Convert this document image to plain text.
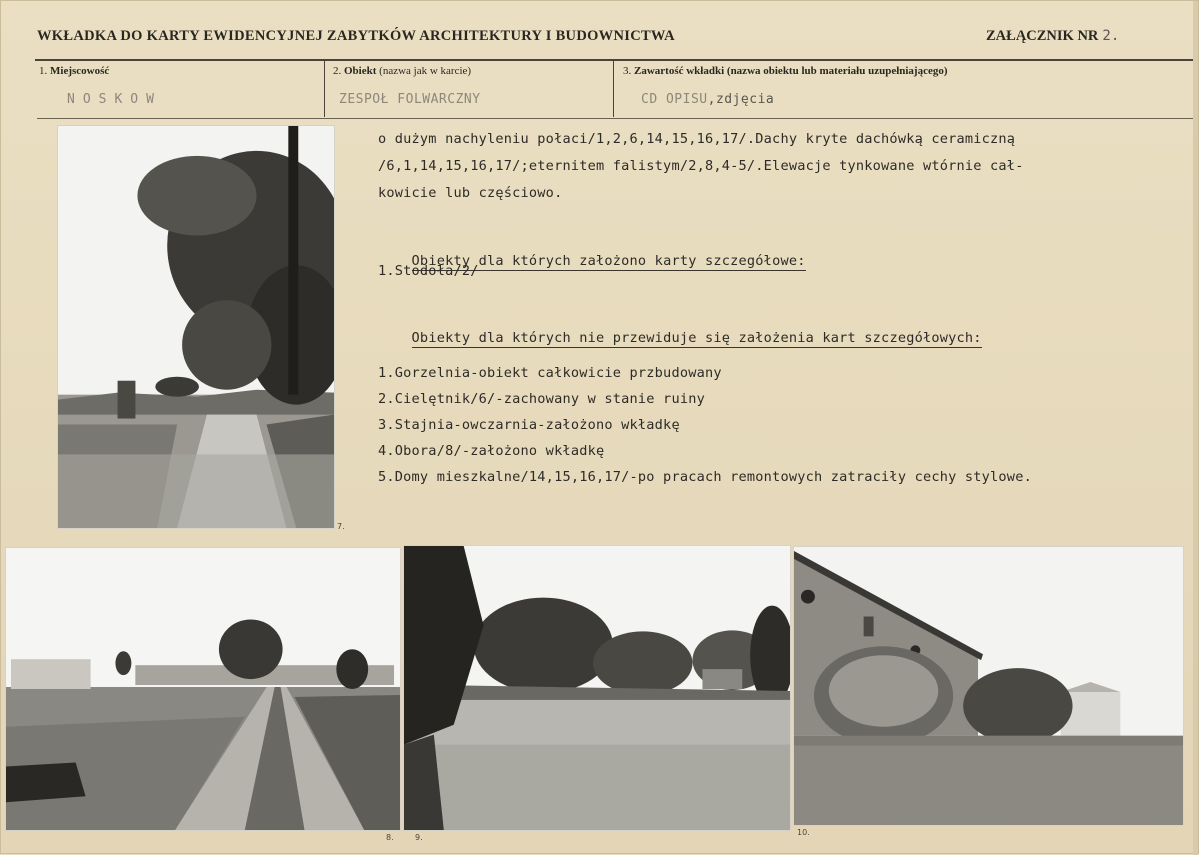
WKŁADKA DO KARTY EWIDENCYJNEJ ZABYTKÓW ARCHITEKTURY I BUDOWNICTWA	ZAŁĄCZNIK NR 2.
1. Miejscowość
NOSKOW
2. Obiekt (nazwa jak w karcie)
ZESPOŁ FOLWARCZNY
3. Zawartość wkładki (nazwa obiektu lub materiału uzupełniającego)
CD OPISU,zdjęcia
o dużym nachyleniu połaci/1,2,6,14,15,16,17/.Dachy kryte dachówką ceramiczną
/6,1,14,15,16,17/;eternitem falistym/2,8,4-5/.Elewacje tynkowane wtórnie cał-
kowicie lub częściowo.

Obiekty dla których założono karty szczegółowe:

1.Stodoła/2/

Obiekty dla których nie przewiduje się założenia kart szczegółowych:

1.Gorzelnia-obiekt całkowicie przbudowany
2.Cielętnik/6/-zachowany w stanie ruiny
3.Stajnia-owczarnia-założono wkładkę
4.Obora/8/-założono wkładkę
5.Domy mieszkalne/14,15,16,17/-po pracach remontowych zatraciły cechy stylowe.
7.
8.	9.
10.
